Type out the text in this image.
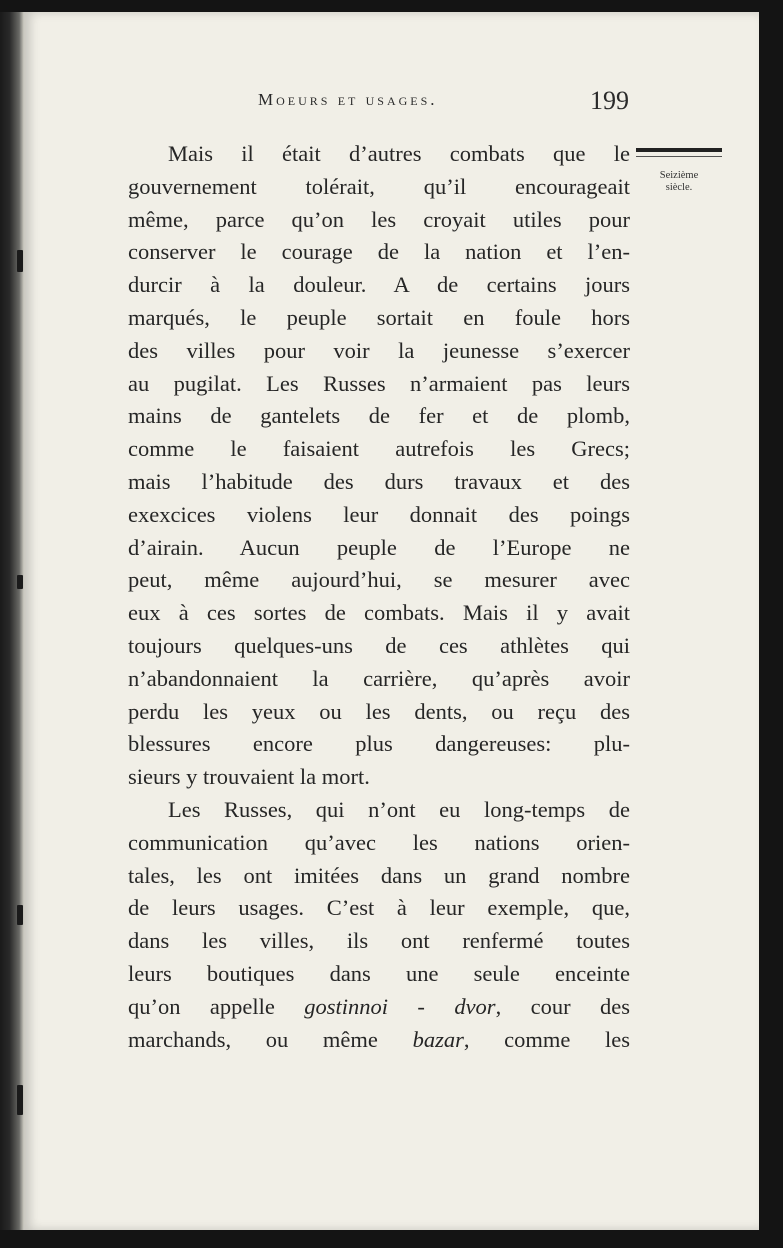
Moeurs et usages.	199
Seizième
siècle.
Mais il était d’autres combats que le
gouvernement tolérait, qu’il encourageait
même, parce qu’on les croyait utiles pour
conserver le courage de la nation et l’en-
durcir à la douleur. A de certains jours
marqués, le peuple sortait en foule hors
des villes pour voir la jeunesse s’exercer
au pugilat. Les Russes n’armaient pas leurs
mains de gantelets de fer et de plomb,
comme le faisaient autrefois les Grecs;
mais l’habitude des durs travaux et des
exexcices violens leur donnait des poings
d’airain. Aucun peuple de l’Europe ne
peut, même aujourd’hui, se mesurer avec
eux à ces sortes de combats. Mais il y avait
toujours quelques-uns de ces athlètes qui
n’abandonnaient la carrière, qu’après avoir
perdu les yeux ou les dents, ou reçu des
blessures encore plus dangereuses: plu-
sieurs y trouvaient la mort.
Les Russes, qui n’ont eu long-temps de
communication qu’avec les nations orien-
tales, les ont imitées dans un grand nombre
de leurs usages. C’est à leur exemple, que,
dans les villes, ils ont renfermé toutes
leurs boutiques dans une seule enceinte
qu’on appelle gostinnoi - dvor, cour des
marchands, ou même bazar, comme les
